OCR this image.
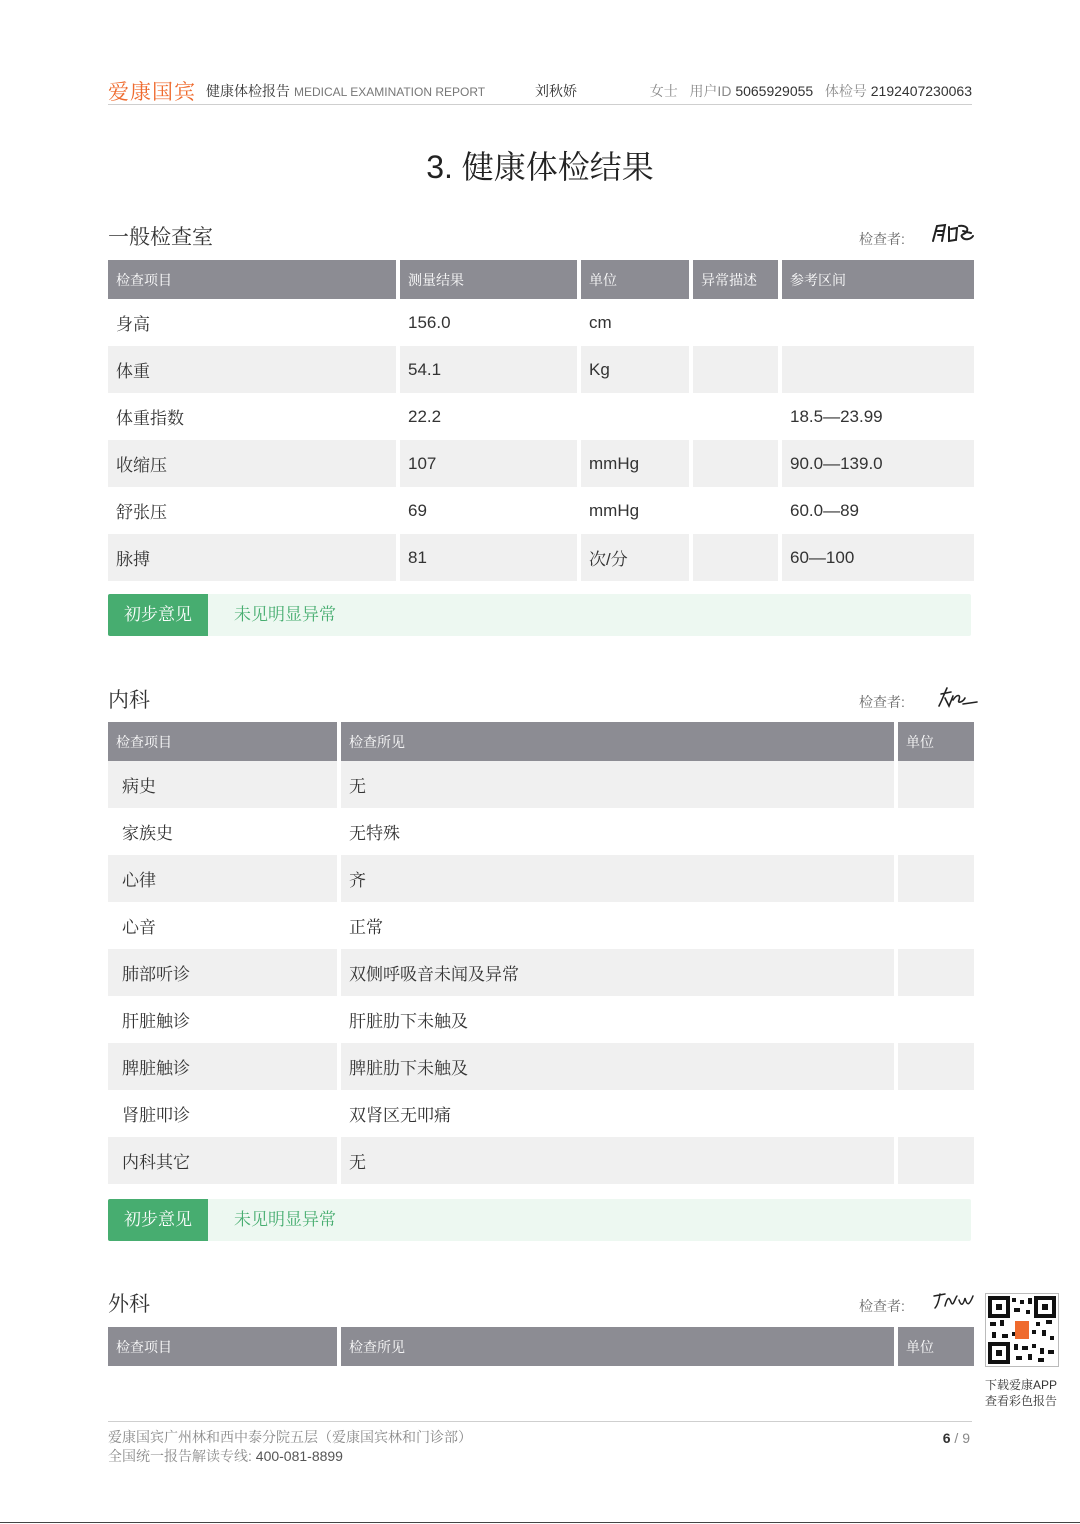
爱康国宾 健康体检报告 MEDICAL EXAMINATION REPORT	刘秋娇	女士 用户ID 5065929055 体检号 2192407230063
3. 健康体检结果
一般检查室	检查者:
检查项目	测量结果	单位	异常描述	参考区间
身高	156.0	cm		
体重	54.1	Kg		
体重指数	22.2			18.5—23.99
收缩压	107	mmHg		90.0—139.0
舒张压	69	mmHg		60.0—89
脉搏	81	次/分		60—100
初步意见	未见明显异常
内科	检查者:
检查项目	检查所见	单位
病史	无	
家族史	无特殊	
心律	齐	
心音	正常	
肺部听诊	双侧呼吸音未闻及异常	
肝脏触诊	肝脏肋下未触及	
脾脏触诊	脾脏肋下未触及	
肾脏叩诊	双肾区无叩痛	
内科其它	无	
初步意见	未见明显异常
外科	检查者:
检查项目	检查所见	单位
下载爱康APP
查看彩色报告
爱康国宾广州林和西中泰分院五层（爱康国宾林和门诊部）
全国统一报告解读专线: 400-081-8899
6 / 9
